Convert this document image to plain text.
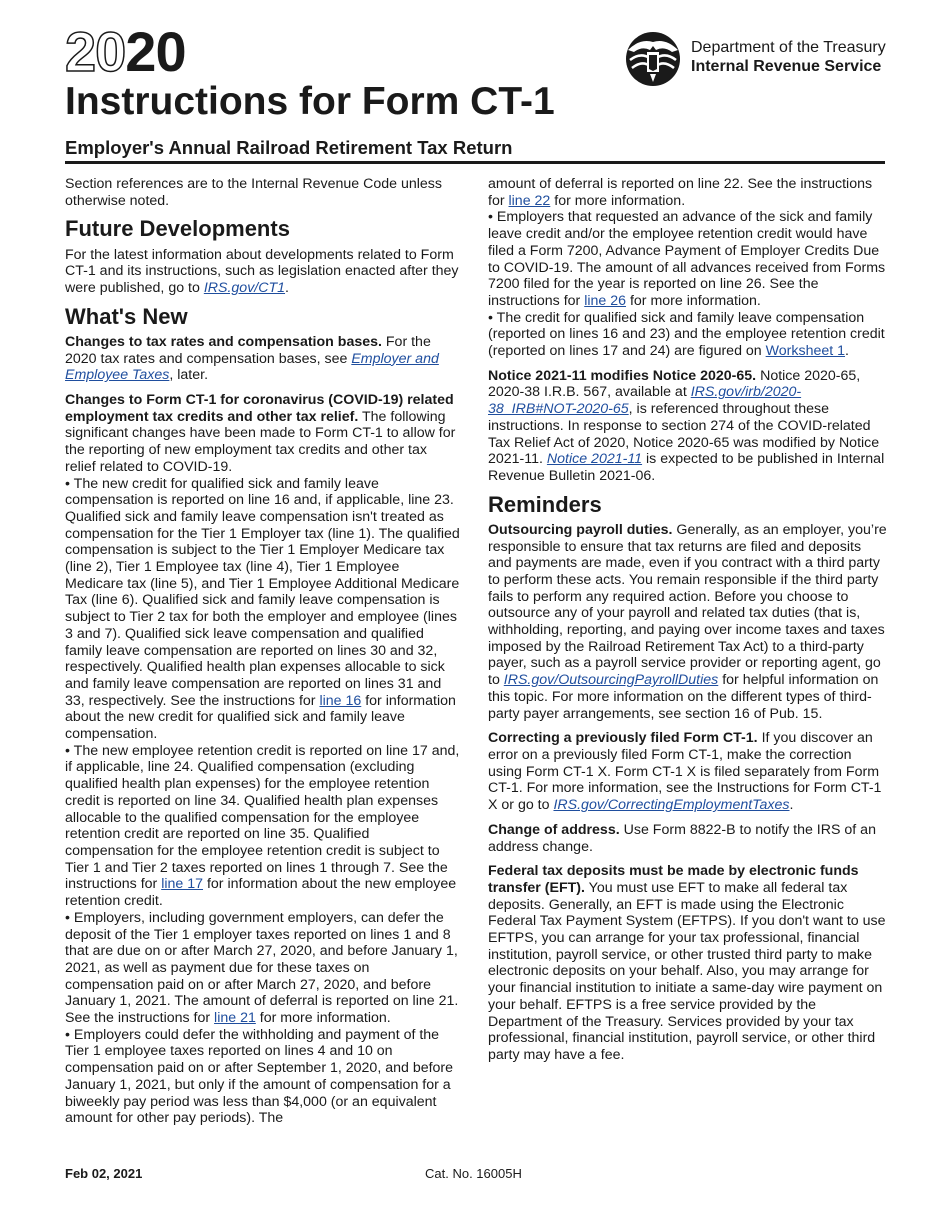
2020
Instructions for Form CT-1
Employer's Annual Railroad Retirement Tax Return
Department of the Treasury
Internal Revenue Service

Section references are to the Internal Revenue Code unless otherwise noted.

Future Developments

For the latest information about developments related to Form CT-1 and its instructions, such as legislation enacted after they were published, go to IRS.gov/CT1.

What's New

Changes to tax rates and compensation bases. For the 2020 tax rates and compensation bases, see Employer and Employee Taxes, later.

Changes to Form CT-1 for coronavirus (COVID-19) related employment tax credits and other tax relief. The following significant changes have been made to Form CT-1 to allow for the reporting of new employment tax credits and other tax relief related to COVID-19.

• The new credit for qualified sick and family leave compensation is reported on line 16 and, if applicable, line 23. Qualified sick and family leave compensation isn't treated as compensation for the Tier 1 Employer tax (line 1). The qualified compensation is subject to the Tier 1 Employer Medicare tax (line 2), Tier 1 Employee tax (line 4), Tier 1 Employee Medicare tax (line 5), and Tier 1 Employee Additional Medicare Tax (line 6). Qualified sick and family leave compensation is subject to Tier 2 tax for both the employer and employee (lines 3 and 7). Qualified sick leave compensation and qualified family leave compensation are reported on lines 30 and 32, respectively. Qualified health plan expenses allocable to sick and family leave compensation are reported on lines 31 and 33, respectively. See the instructions for line 16 for information about the new credit for qualified sick and family leave compensation.

• The new employee retention credit is reported on line 17 and, if applicable, line 24. Qualified compensation (excluding qualified health plan expenses) for the employee retention credit is reported on line 34. Qualified health plan expenses allocable to the qualified compensation for the employee retention credit are reported on line 35. Qualified compensation for the employee retention credit is subject to Tier 1 and Tier 2 taxes reported on lines 1 through 7. See the instructions for line 17 for information about the new employee retention credit.

• Employers, including government employers, can defer the deposit of the Tier 1 employer taxes reported on lines 1 and 8 that are due on or after March 27, 2020, and before January 1, 2021, as well as payment due for these taxes on compensation paid on or after March 27, 2020, and before January 1, 2021. The amount of deferral is reported on line 21. See the instructions for line 21 for more information.

• Employers could defer the withholding and payment of the Tier 1 employee taxes reported on lines 4 and 10 on compensation paid on or after September 1, 2020, and before January 1, 2021, but only if the amount of compensation for a biweekly pay period was less than $4,000 (or an equivalent amount for other pay periods). The

amount of deferral is reported on line 22. See the instructions for line 22 for more information.

• Employers that requested an advance of the sick and family leave credit and/or the employee retention credit would have filed a Form 7200, Advance Payment of Employer Credits Due to COVID-19. The amount of all advances received from Forms 7200 filed for the year is reported on line 26. See the instructions for line 26 for more information.

• The credit for qualified sick and family leave compensation (reported on lines 16 and 23) and the employee retention credit (reported on lines 17 and 24) are figured on Worksheet 1.

Notice 2021-11 modifies Notice 2020-65. Notice 2020-65, 2020-38 I.R.B. 567, available at IRS.gov/irb/2020-38_IRB#NOT-2020-65, is referenced throughout these instructions. In response to section 274 of the COVID-related Tax Relief Act of 2020, Notice 2020-65 was modified by Notice 2021-11. Notice 2021-11 is expected to be published in Internal Revenue Bulletin 2021-06.

Reminders

Outsourcing payroll duties. Generally, as an employer, you’re responsible to ensure that tax returns are filed and deposits and payments are made, even if you contract with a third party to perform these acts. You remain responsible if the third party fails to perform any required action. Before you choose to outsource any of your payroll and related tax duties (that is, withholding, reporting, and paying over income taxes and taxes imposed by the Railroad Retirement Tax Act) to a third-party payer, such as a payroll service provider or reporting agent, go to IRS.gov/OutsourcingPayrollDuties for helpful information on this topic. For more information on the different types of third-party payer arrangements, see section 16 of Pub. 15.

Correcting a previously filed Form CT-1. If you discover an error on a previously filed Form CT-1, make the correction using Form CT-1 X. Form CT-1 X is filed separately from Form CT-1. For more information, see the Instructions for Form CT-1 X or go to IRS.gov/CorrectingEmploymentTaxes.

Change of address. Use Form 8822-B to notify the IRS of an address change.

Federal tax deposits must be made by electronic funds transfer (EFT). You must use EFT to make all federal tax deposits. Generally, an EFT is made using the Electronic Federal Tax Payment System (EFTPS). If you don't want to use EFTPS, you can arrange for your tax professional, financial institution, payroll service, or other trusted third party to make electronic deposits on your behalf. Also, you may arrange for your financial institution to initiate a same-day wire payment on your behalf. EFTPS is a free service provided by the Department of the Treasury. Services provided by your tax professional, financial institution, payroll service, or other third party may have a fee.

Feb 02, 2021	Cat. No. 16005H
